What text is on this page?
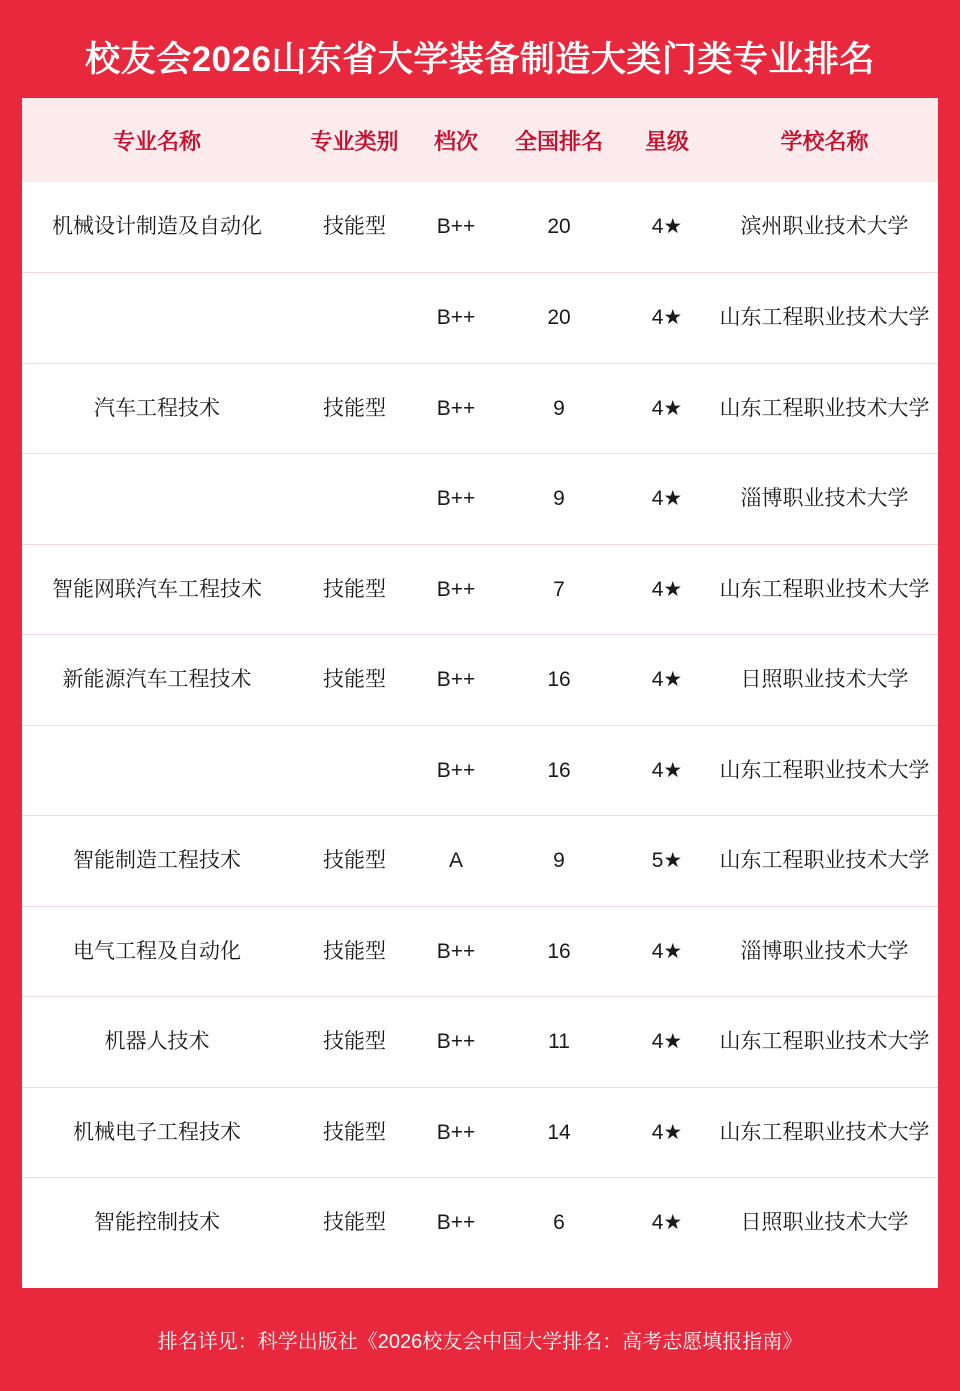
校友会2026山东省大学装备制造大类门类专业排名
专业名称	专业类别	档次	全国排名	星级	学校名称
机械设计制造及自动化	技能型	B++	20	4★	滨州职业技术大学
		B++	20	4★	山东工程职业技术大学
汽车工程技术	技能型	B++	9	4★	山东工程职业技术大学
		B++	9	4★	淄博职业技术大学
智能网联汽车工程技术	技能型	B++	7	4★	山东工程职业技术大学
新能源汽车工程技术	技能型	B++	16	4★	日照职业技术大学
		B++	16	4★	山东工程职业技术大学
智能制造工程技术	技能型	A	9	5★	山东工程职业技术大学
电气工程及自动化	技能型	B++	16	4★	淄博职业技术大学
机器人技术	技能型	B++	11	4★	山东工程职业技术大学
机械电子工程技术	技能型	B++	14	4★	山东工程职业技术大学
智能控制技术	技能型	B++	6	4★	日照职业技术大学
排名详见：科学出版社《2026校友会中国大学排名：高考志愿填报指南》
